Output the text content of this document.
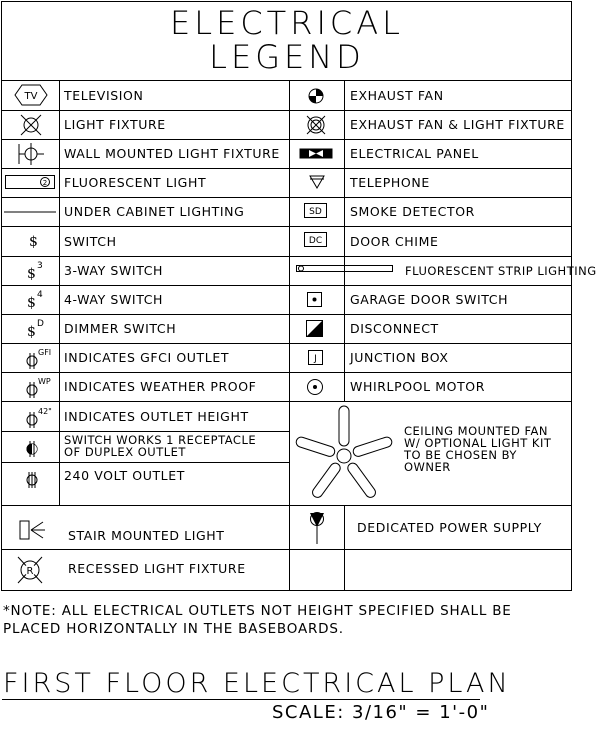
ELECTRICAL
LEGEND
TV
2
$
$ 3
$ 4
$ D
GFI
WP
42"
R
TELEVISION
LIGHT FIXTURE
WALL MOUNTED LIGHT FIXTURE
FLUORESCENT LIGHT
UNDER CABINET LIGHTING
SWITCH
3-WAY SWITCH
4-WAY SWITCH
DIMMER SWITCH
INDICATES GFCI OUTLET
INDICATES WEATHER PROOF
INDICATES OUTLET HEIGHT
SWITCH WORKS 1 RECEPTACLE
OF DUPLEX OUTLET
240 VOLT OUTLET
STAIR MOUNTED LIGHT
RECESSED LIGHT FIXTURE
SD
DC
J
EXHAUST FAN
EXHAUST FAN & LIGHT FIXTURE
ELECTRICAL PANEL
TELEPHONE
SMOKE DETECTOR
DOOR CHIME
FLUORESCENT STRIP LIGHTING
GARAGE DOOR SWITCH
DISCONNECT
JUNCTION BOX
WHIRLPOOL MOTOR
CEILING MOUNTED FAN
W/ OPTIONAL LIGHT KIT
TO BE CHOSEN BY
OWNER
DEDICATED POWER SUPPLY
*NOTE: ALL ELECTRICAL OUTLETS NOT HEIGHT SPECIFIED SHALL BE
PLACED HORIZONTALLY IN THE BASEBOARDS.
FIRST FLOOR ELECTRICAL PLAN
SCALE: 3/16" = 1'-0"
